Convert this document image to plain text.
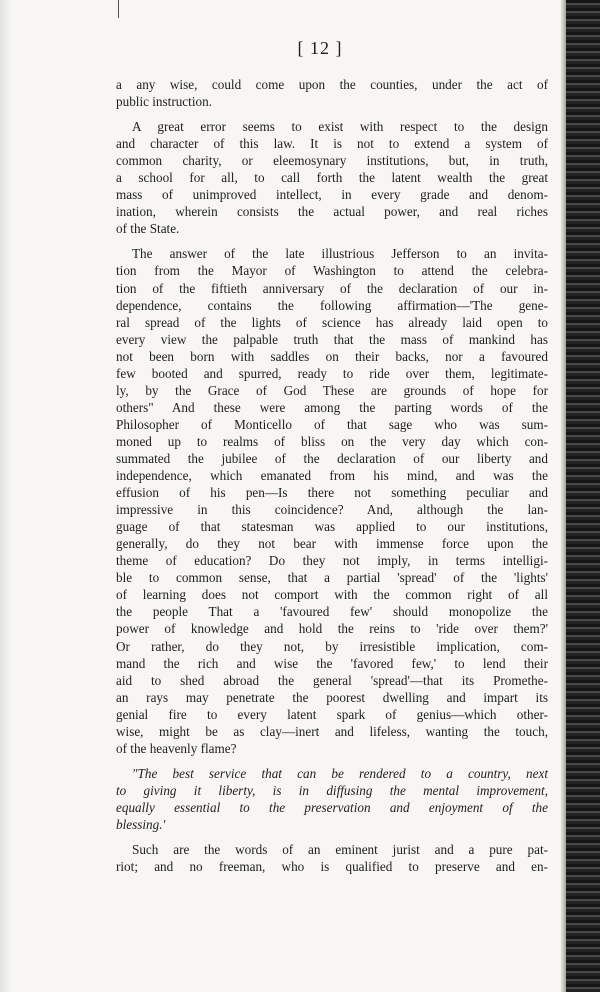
[ 12 ]

a any wise, could come upon the counties, under the act of
public instruction.

A great error seems to exist with respect to the design
and character of this law. It is not to extend a system of
common charity, or eleemosynary institutions, but, in truth,
a school for all, to call forth the latent wealth the great
mass of unimproved intellect, in every grade and denom-
ination, wherein consists the actual power, and real riches
of the State.

The answer of the late illustrious Jefferson to an invita-
tion from the Mayor of Washington to attend the celebra-
tion of the fiftieth anniversary of the declaration of our in-
dependence, contains the following affirmation—'The gene-
ral spread of the lights of science has already laid open to
every view the palpable truth that the mass of mankind has
not been born with saddles on their backs, nor a favoured
few booted and spurred, ready to ride over them, legitimate-
ly, by the Grace of God These are grounds of hope for
others" And these were among the parting words of the
Philosopher of Monticello of that sage who was sum-
moned up to realms of bliss on the very day which con-
summated the jubilee of the declaration of our liberty and
independence, which emanated from his mind, and was the
effusion of his pen—Is there not something peculiar and
impressive in this coincidence? And, although the lan-
guage of that statesman was applied to our institutions,
generally, do they not bear with immense force upon the
theme of education? Do they not imply, in terms intelligi-
ble to common sense, that a partial 'spread' of the 'lights'
of learning does not comport with the common right of all
the people That a 'favoured few' should monopolize the
power of knowledge and hold the reins to 'ride over them?'
Or rather, do they not, by irresistible implication, com-
mand the rich and wise the 'favored few,' to lend their
aid to shed abroad the general 'spread'—that its Promethe-
an rays may penetrate the poorest dwelling and impart its
genial fire to every latent spark of genius—which other-
wise, might be as clay—inert and lifeless, wanting the touch,
of the heavenly flame?

"The best service that can be rendered to a country, next
to giving it liberty, is in diffusing the mental improvement,
equally essential to the preservation and enjoyment of the
blessing.'

Such are the words of an eminent jurist and a pure pat-
riot; and no freeman, who is qualified to preserve and en-
